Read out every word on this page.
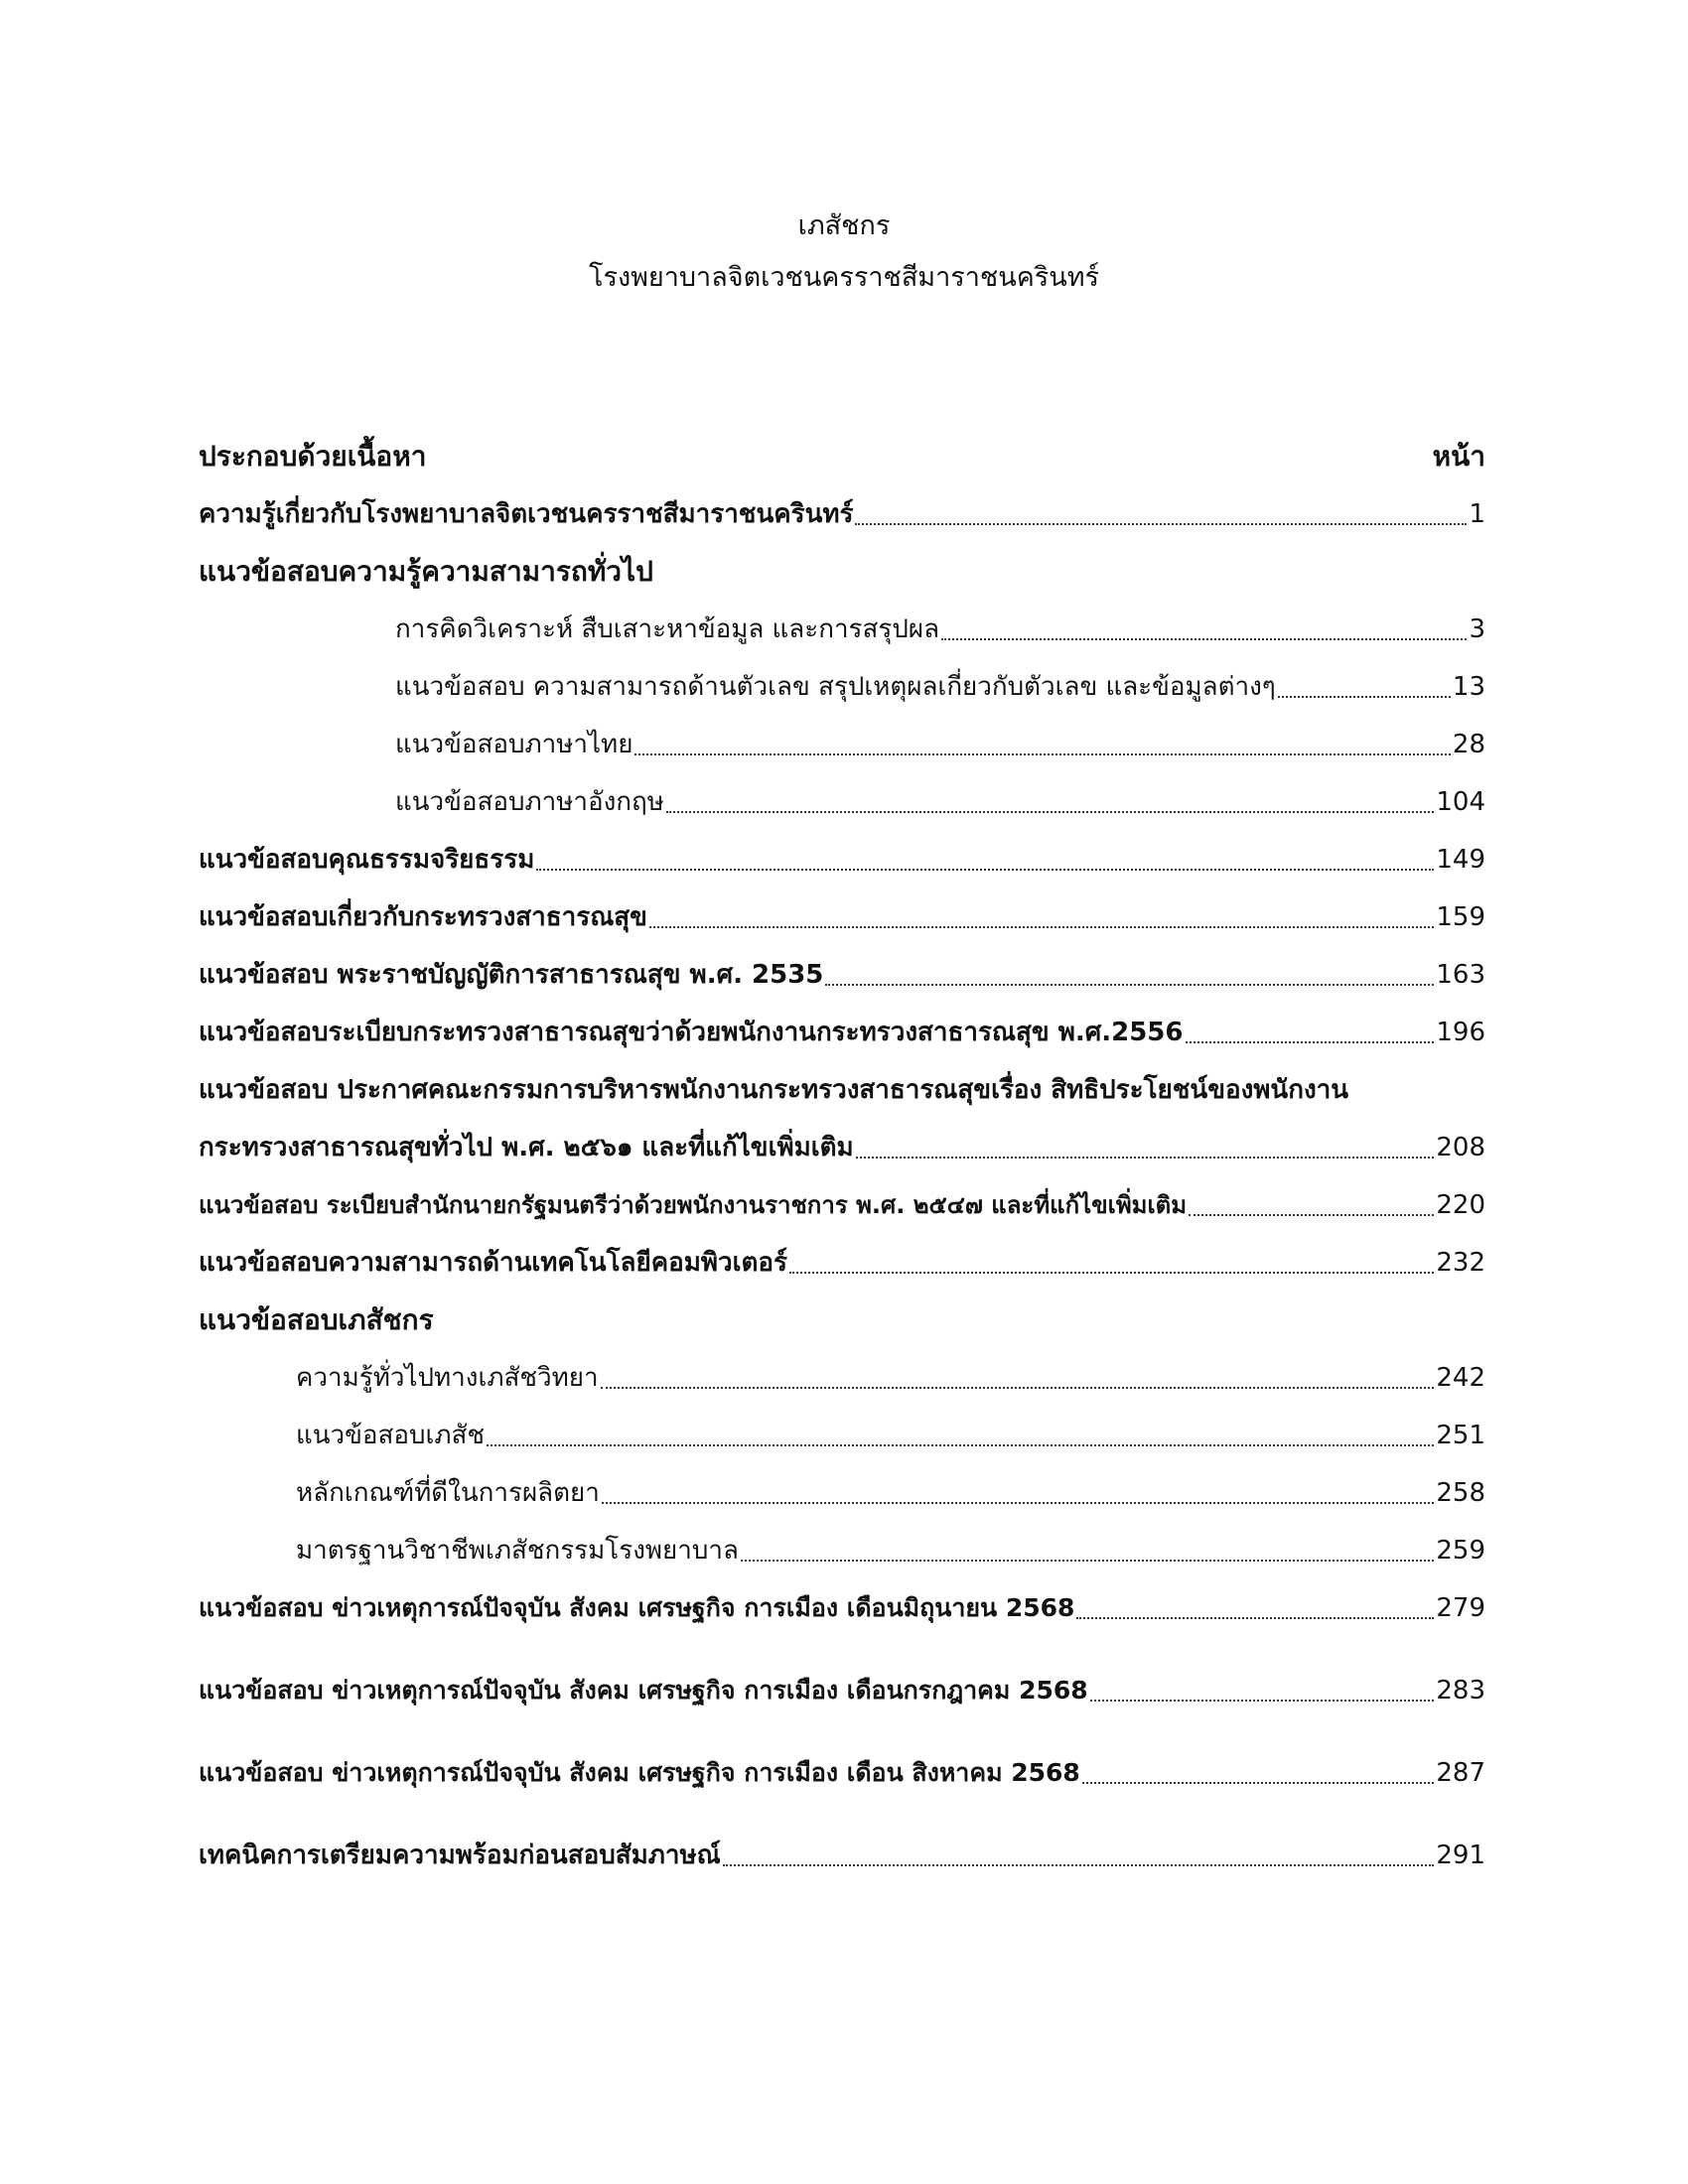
เภสัชกร
โรงพยาบาลจิตเวชนครราชสีมาราชนครินทร์
ประกอบด้วยเนื้อหา	หน้า
ความรู้เกี่ยวกับโรงพยาบาลจิตเวชนครราชสีมาราชนครินทร์	1
แนวข้อสอบความรู้ความสามารถทั่วไป
การคิดวิเคราะห์ สืบเสาะหาข้อมูล และการสรุปผล	3
แนวข้อสอบ ความสามารถด้านตัวเลข สรุปเหตุผลเกี่ยวกับตัวเลข และข้อมูลต่างๆ	13
แนวข้อสอบภาษาไทย	28
แนวข้อสอบภาษาอังกฤษ	104
แนวข้อสอบคุณธรรมจริยธรรม	149
แนวข้อสอบเกี่ยวกับกระทรวงสาธารณสุข	159
แนวข้อสอบ พระราชบัญญัติการสาธารณสุข พ.ศ. 2535	163
แนวข้อสอบระเบียบกระทรวงสาธารณสุขว่าด้วยพนักงานกระทรวงสาธารณสุข พ.ศ.2556	196
แนวข้อสอบ ประกาศคณะกรรมการบริหารพนักงานกระทรวงสาธารณสุขเรื่อง สิทธิประโยชน์ของพนักงาน
กระทรวงสาธารณสุขทั่วไป พ.ศ. ๒๕๖๑ และที่แก้ไขเพิ่มเติม	208
แนวข้อสอบ ระเบียบสำนักนายกรัฐมนตรีว่าด้วยพนักงานราชการ พ.ศ. ๒๕๔๗ และที่แก้ไขเพิ่มเติม	220
แนวข้อสอบความสามารถด้านเทคโนโลยีคอมพิวเตอร์	232
แนวข้อสอบเภสัชกร
ความรู้ทั่วไปทางเภสัชวิทยา	242
แนวข้อสอบเภสัช	251
หลักเกณฑ์ที่ดีในการผลิตยา	258
มาตรฐานวิชาชีพเภสัชกรรมโรงพยาบาล	259
แนวข้อสอบ ข่าวเหตุการณ์ปัจจุบัน สังคม เศรษฐกิจ การเมือง เดือนมิถุนายน 2568	279
แนวข้อสอบ ข่าวเหตุการณ์ปัจจุบัน สังคม เศรษฐกิจ การเมือง เดือนกรกฎาคม 2568	283
แนวข้อสอบ ข่าวเหตุการณ์ปัจจุบัน สังคม เศรษฐกิจ การเมือง เดือน สิงหาคม 2568	287
เทคนิคการเตรียมความพร้อมก่อนสอบสัมภาษณ์	291
